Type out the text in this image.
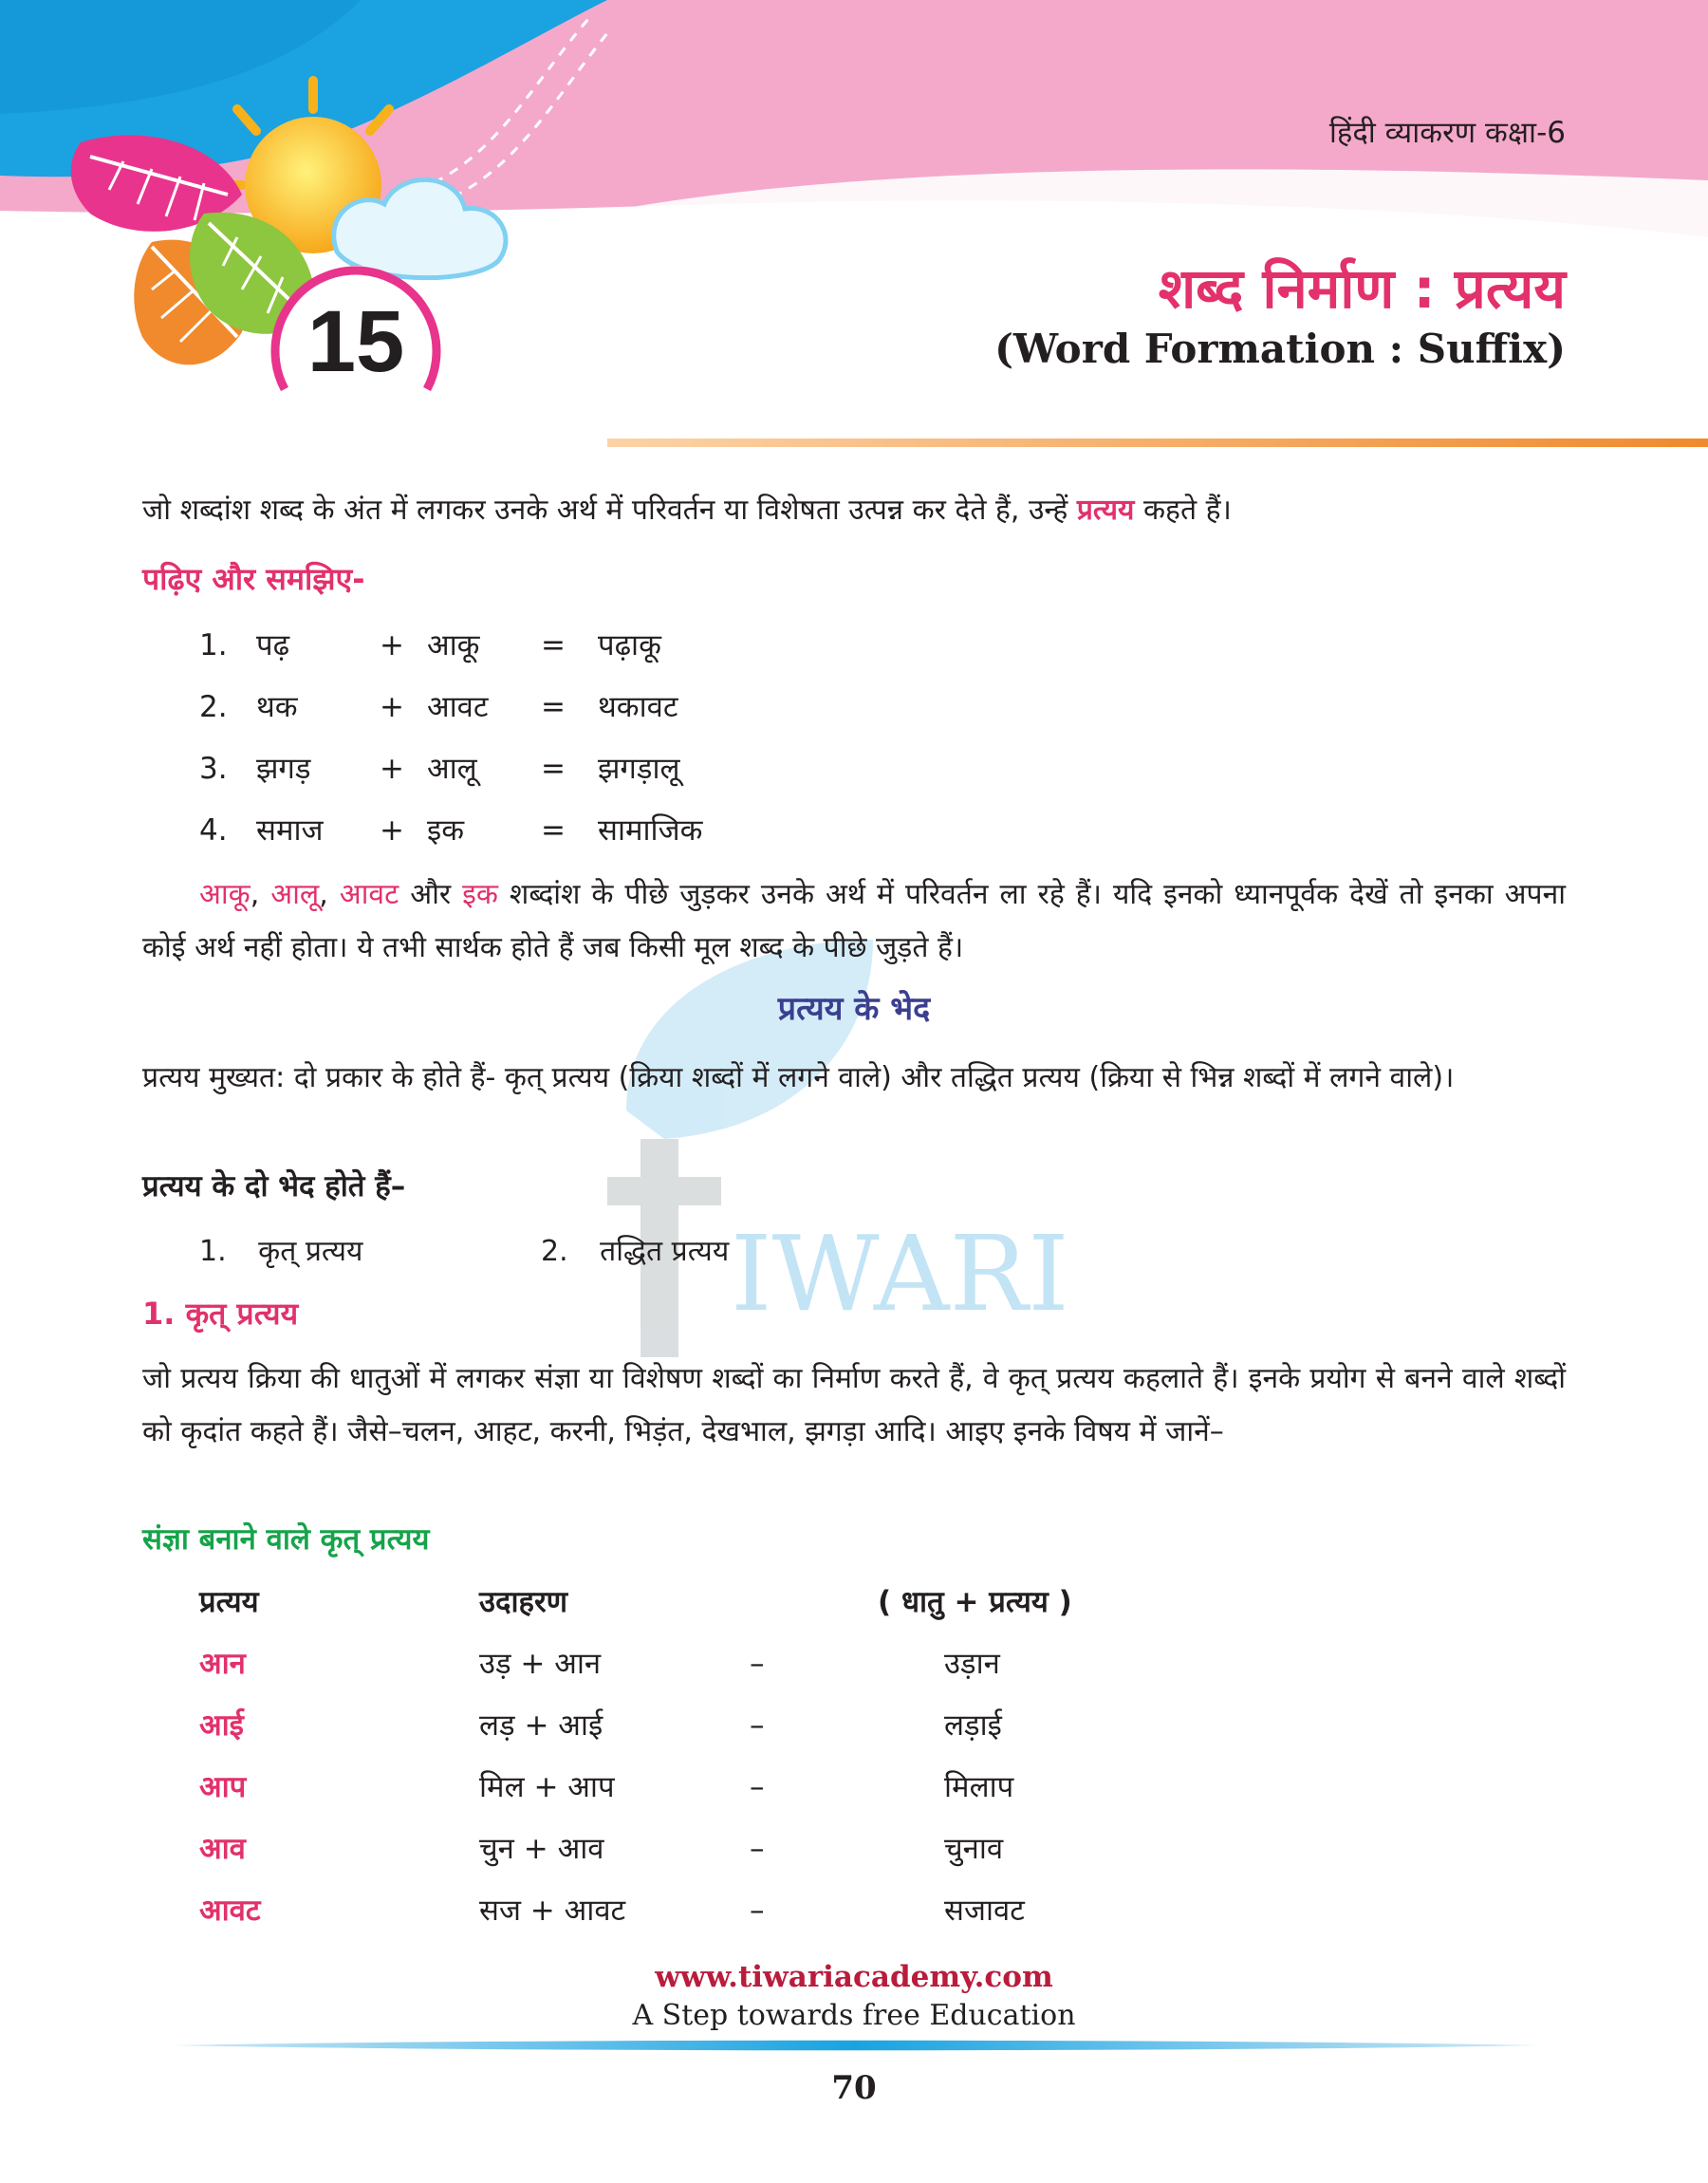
हिंदी व्याकरण कक्षा-6
15
शब्द निर्माण : प्रत्यय
(Word Formation : Suffix)
IWARI
जो शब्दांश शब्द के अंत में लगकर उनके अर्थ में परिवर्तन या विशेषता उत्पन्न कर देते हैं, उन्हें प्रत्यय कहते हैं।
पढ़िए और समझिए-
1. पढ़	+ आकू = पढ़ाकू
2. थक	+ आवट = थकावट
3. झगड़ + आलू = झगड़ालू
4. समाज + इक	= सामाजिक
आकू, आलू, आवट और इक शब्दांश के पीछे जुड़कर उनके अर्थ में परिवर्तन ला रहे हैं। यदि इनको ध्यानपूर्वक देखें तो इनका अपना कोई अर्थ नहीं होता। ये तभी सार्थक होते हैं जब किसी मूल शब्द के पीछे जुड़ते हैं।
प्रत्यय के भेद
प्रत्यय मुख्यत: दो प्रकार के होते हैं- कृत् प्रत्यय (क्रिया शब्दों में लगने वाले) और तद्धित प्रत्यय (क्रिया से भिन्न शब्दों में लगने वाले)।
प्रत्यय के दो भेद होते हैं–
1. कृत् प्रत्यय	2. तद्धित प्रत्यय
1. कृत् प्रत्यय
जो प्रत्यय क्रिया की धातुओं में लगकर संज्ञा या विशेषण शब्दों का निर्माण करते हैं, वे कृत् प्रत्यय कहलाते हैं। इनके प्रयोग से बनने वाले शब्दों को कृदांत कहते हैं। जैसे–चलन, आहट, करनी, भिड़ंत, देखभाल, झगड़ा आदि। आइए इनके विषय में जानें–
संज्ञा बनाने वाले कृत् प्रत्यय
प्रत्यय	उदाहरण	( धातु + प्रत्यय )
आन	उड़ + आन	–	उड़ान
आई	लड़ + आई	–	लड़ाई
आप	मिल + आप	–	मिलाप
आव	चुन + आव	–	चुनाव
आवट	सज + आवट	–	सजावट
www.tiwariacademy.com
A Step towards free Education
70
